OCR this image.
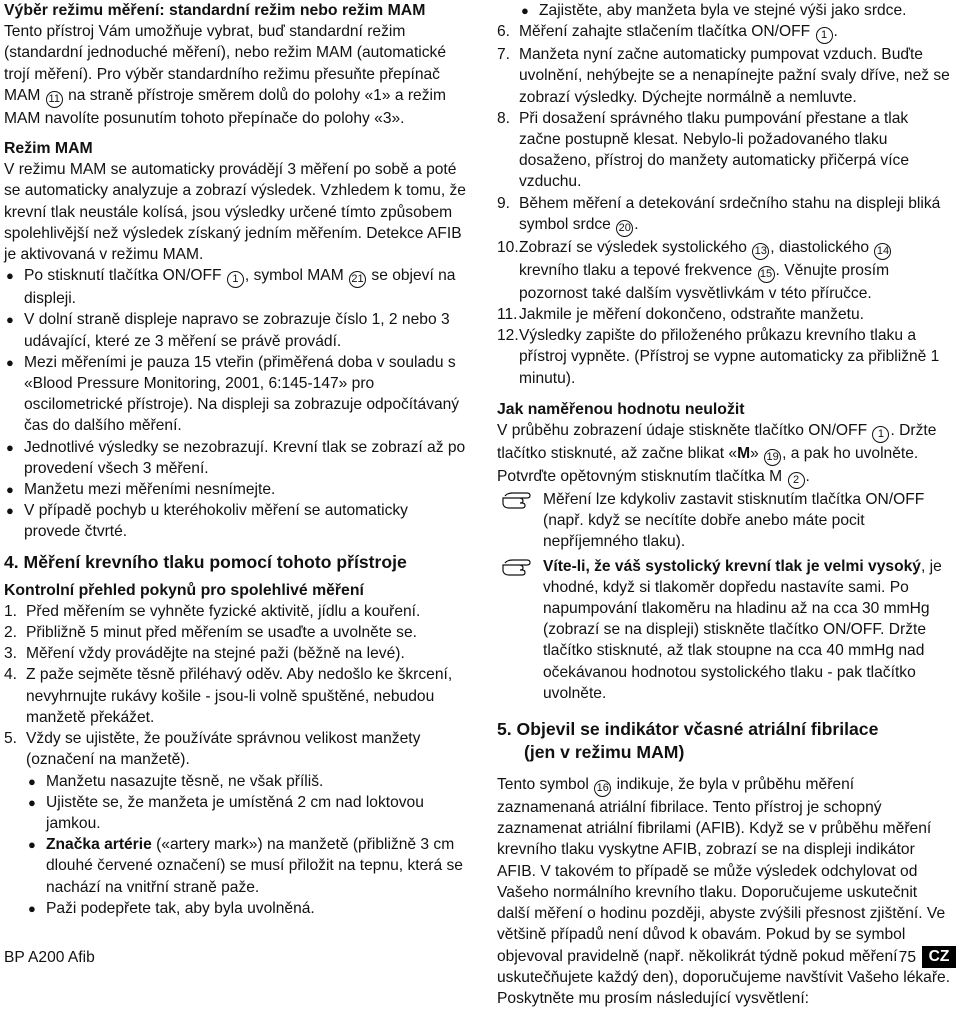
Výběr režimu měření: standardní režim nebo režim MAM

Tento přístroj Vám umožňuje vybrat, buď standardní režim (standardní jednoduché měření), nebo režim MAM (automatické trojí měření). Pro výběr standardního režimu přesuňte přepínač MAM 11 na straně přístroje směrem dolů do polohy «1» a režim MAM navolíte posunutím tohoto přepínače do polohy «3».

Režim MAM

V režimu MAM se automaticky provádějí 3 měření po sobě a poté se automaticky analyzuje a zobrazí výsledek. Vzhledem k tomu, že krevní tlak neustále kolísá, jsou výsledky určené tímto způsobem spolehlivější než výsledek získaný jedním měřením. Detekce AFIB je aktivovaná v režimu MAM.

● Po stisknutí tlačítka ON/OFF 1 , symbol MAM 21 se objeví na displeji.
● V dolní straně displeje napravo se zobrazuje číslo 1, 2 nebo 3 udávající, které ze 3 měření se právě provádí.
● Mezi měřeními je pauza 15 vteřin (přiměřená doba v souladu s «Blood Pressure Monitoring, 2001, 6:145-147» pro oscilometrické přístroje). Na displeji sa zobrazuje odpočítávaný čas do dalšího měření.
● Jednotlivé výsledky se nezobrazují. Krevní tlak se zobrazí až po provedení všech 3 měření.
● Manžetu mezi měřeními nesnímejte.
● V případě pochyb u kteréhokoliv měření se automaticky provede čtvrté.

4. Měření krevního tlaku pomocí tohoto přístroje

Kontrolní přehled pokynů pro spolehlivé měření

1. Před měřením se vyhněte fyzické aktivitě, jídlu a kouření.
2. Přibližně 5 minut před měřením se usaďte a uvolněte se.
3. Měření vždy provádějte na stejné paži (běžně na levé).
4. Z paže sejměte těsně přiléhavý oděv. Aby nedošlo ke škrcení, nevyhrnujte rukávy košile - jsou-li volně spuštěné, nebudou manžetě překážet.
5. Vždy se ujistěte, že používáte správnou velikost manžety (označení na manžetě).
● Manžetu nasazujte těsně, ne však příliš.
● Ujistěte se, že manžeta je umístěná 2 cm nad loktovou jamkou.
● Značka artérie («artery mark») na manžetě (přibližně 3 cm dlouhé červené označení) se musí přiložit na tepnu, která se nachází na vnitřní straně paže.
● Paži podepřete tak, aby byla uvolněná.
● Zajistěte, aby manžeta byla ve stejné výši jako srdce.
6. Měření zahajte stlačením tlačítka ON/OFF 1 .
7. Manžeta nyní začne automaticky pumpovat vzduch. Buďte uvolnění, nehýbejte se a nenapínejte pažní svaly dříve, než se zobrazí výsledky. Dýchejte normálně a nemluvte.
8. Při dosažení správného tlaku pumpování přestane a tlak začne postupně klesat. Nebylo-li požadovaného tlaku dosaženo, přístroj do manžety automaticky přičerpá více vzduchu.
9. Během měření a detekování srdečního stahu na displeji bliká symbol srdce 20 .
10. Zobrazí se výsledek systolického 13 , diastolického 14 krevního tlaku a tepové frekvence 15 . Věnujte prosím pozornost také dalším vysvětlivkám v této příručce.
11. Jakmile je měření dokončeno, odstraňte manžetu.
12. Výsledky zapište do přiloženého průkazu krevního tlaku a přístroj vypněte. (Přístroj se vypne automaticky za přibližně 1 minutu).

Jak naměřenou hodnotu neuložit

V průběhu zobrazení údaje stiskněte tlačítko ON/OFF 1 . Držte tlačítko stisknuté, až začne blikat «M» 19 , a pak ho uvolněte. Potvrďte opětovným stisknutím tlačítka M 2 .

Měření lze kdykoliv zastavit stisknutím tlačítka ON/OFF (např. když se necítíte dobře anebo máte pocit nepříjemného tlaku).
Víte-li, že váš systolický krevní tlak je velmi vysoký, je vhodné, když si tlakoměr dopředu nastavíte sami. Po napumpování tlakoměru na hladinu až na cca 30 mmHg (zobrazí se na displeji) stiskněte tlačítko ON/OFF. Držte tlačítko stisknuté, až tlak stoupne na cca 40 mmHg nad očekávanou hodnotou systolického tlaku - pak tlačítko uvolněte.

5. Objevil se indikátor včasné atriální fibrilace

(jen v režimu MAM)

Tento symbol 16 indikuje, že byla v průběhu měření zaznamenaná atriální fibrilace. Tento přístroj je schopný zaznamenat atriální fibrilami (AFIB). Když se v průběhu měření krevního tlaku vyskytne AFIB, zobrazí se na displeji indikátor AFIB. V takovém to případě se může výsledek odchylovat od Vašeho normálního krevního tlaku. Doporučujeme uskutečnit další měření o hodinu později, abyste zvýšili přesnost zjištění. Ve většině případů není důvod k obavám. Pokud by se symbol objevoval pravidelně (např. několikrát týdně pokud měření uskutečňujete každý den), doporučujeme navštívit Vašeho lékaře. Poskytněte mu prosím následující vysvětlení:

BP A200 Afib	75 CZ
